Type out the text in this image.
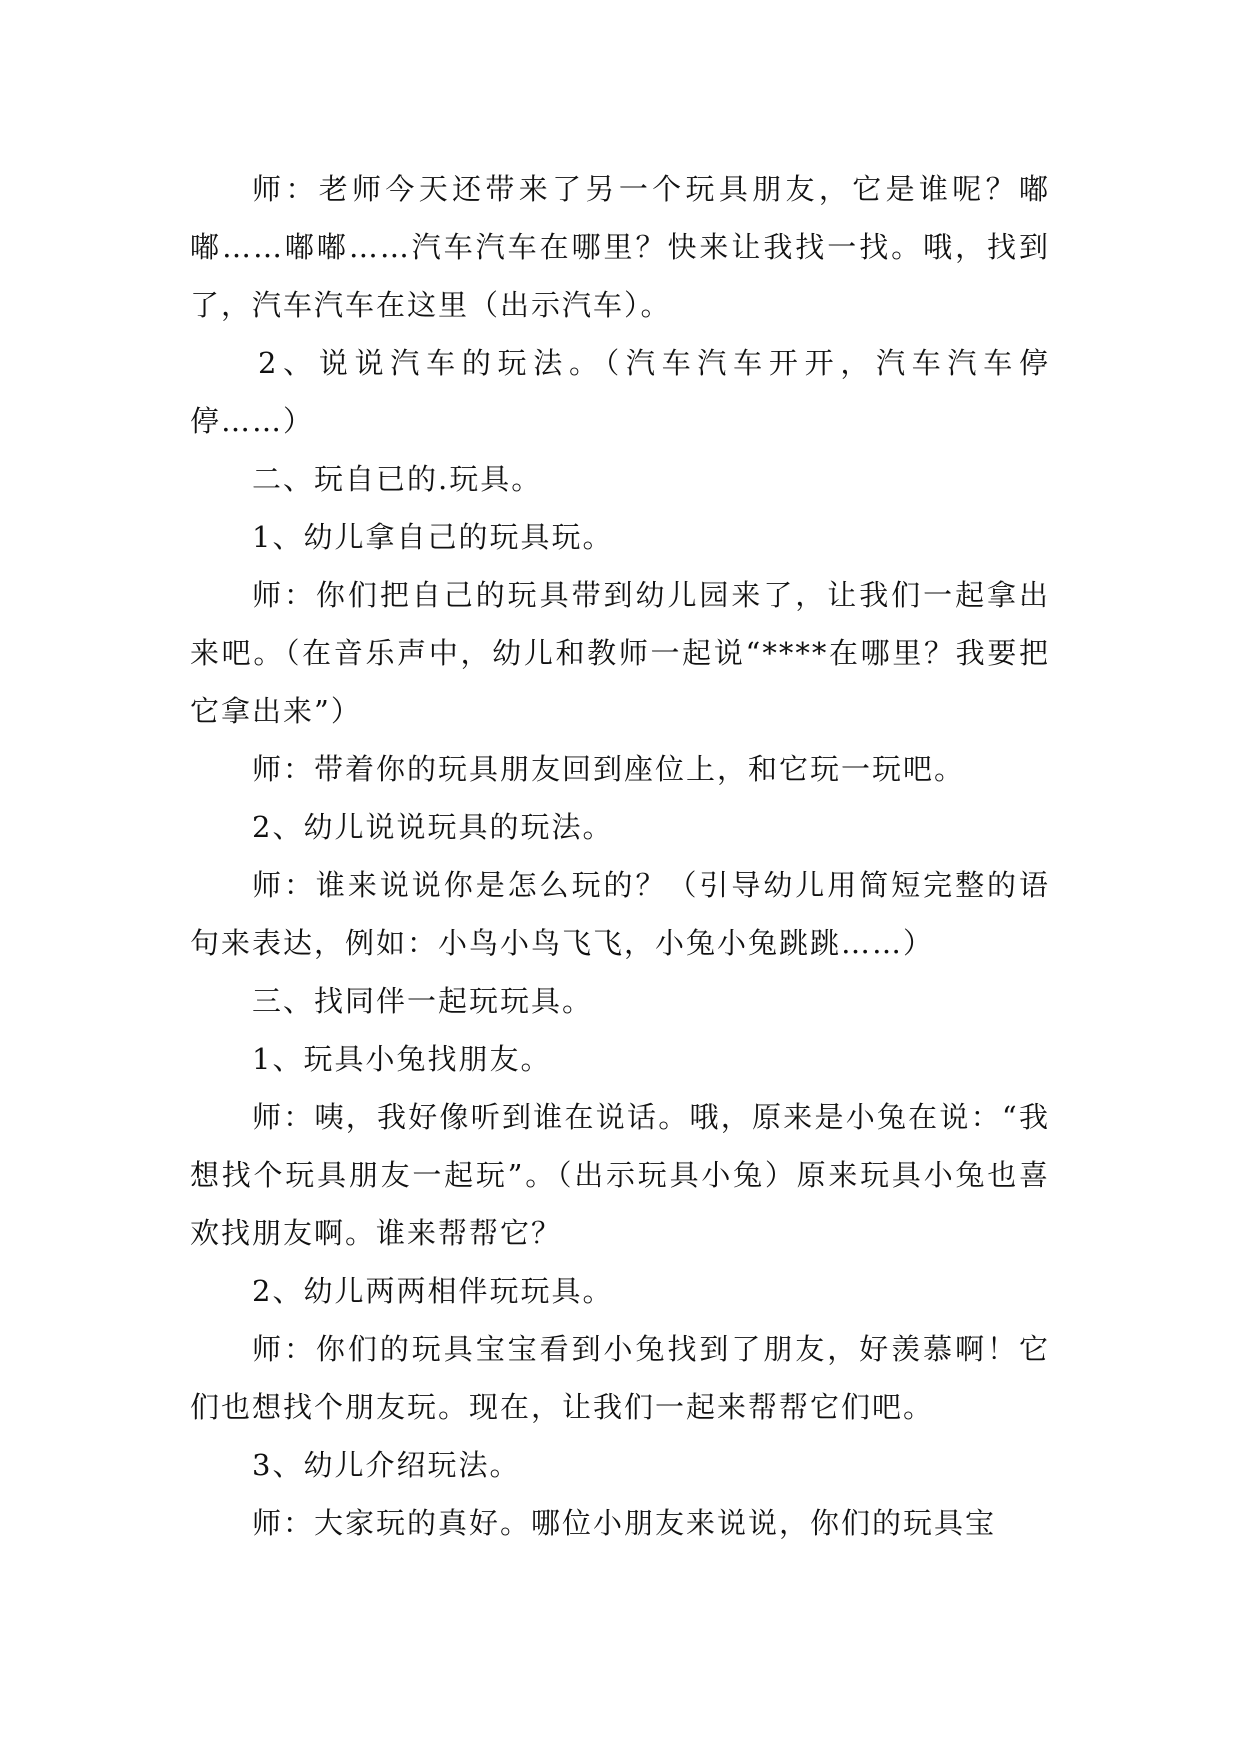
师：老师今天还带来了另一个玩具朋友，它是谁呢？嘟嘟……嘟嘟……汽车汽车在哪里？快来让我找一找。哦，找到了，汽车汽车在这里（出示汽车）。

2、说说汽车的玩法。（汽车汽车开开，汽车汽车停停……）

二、玩自已的.玩具。

1、幼儿拿自己的玩具玩。

师：你们把自己的玩具带到幼儿园来了，让我们一起拿出来吧。（在音乐声中，幼儿和教师一起说“****在哪里？我要把它拿出来”）

师：带着你的玩具朋友回到座位上，和它玩一玩吧。

2、幼儿说说玩具的玩法。

师：谁来说说你是怎么玩的？（引导幼儿用简短完整的语句来表达，例如：小鸟小鸟飞飞，小兔小兔跳跳……）

三、找同伴一起玩玩具。

1、玩具小兔找朋友。

师：咦，我好像听到谁在说话。哦，原来是小兔在说：“我想找个玩具朋友一起玩”。（出示玩具小兔）原来玩具小兔也喜欢找朋友啊。谁来帮帮它？

2、幼儿两两相伴玩玩具。

师：你们的玩具宝宝看到小兔找到了朋友，好羡慕啊！它们也想找个朋友玩。现在，让我们一起来帮帮它们吧。

3、幼儿介绍玩法。

师：大家玩的真好。哪位小朋友来说说，你们的玩具宝
